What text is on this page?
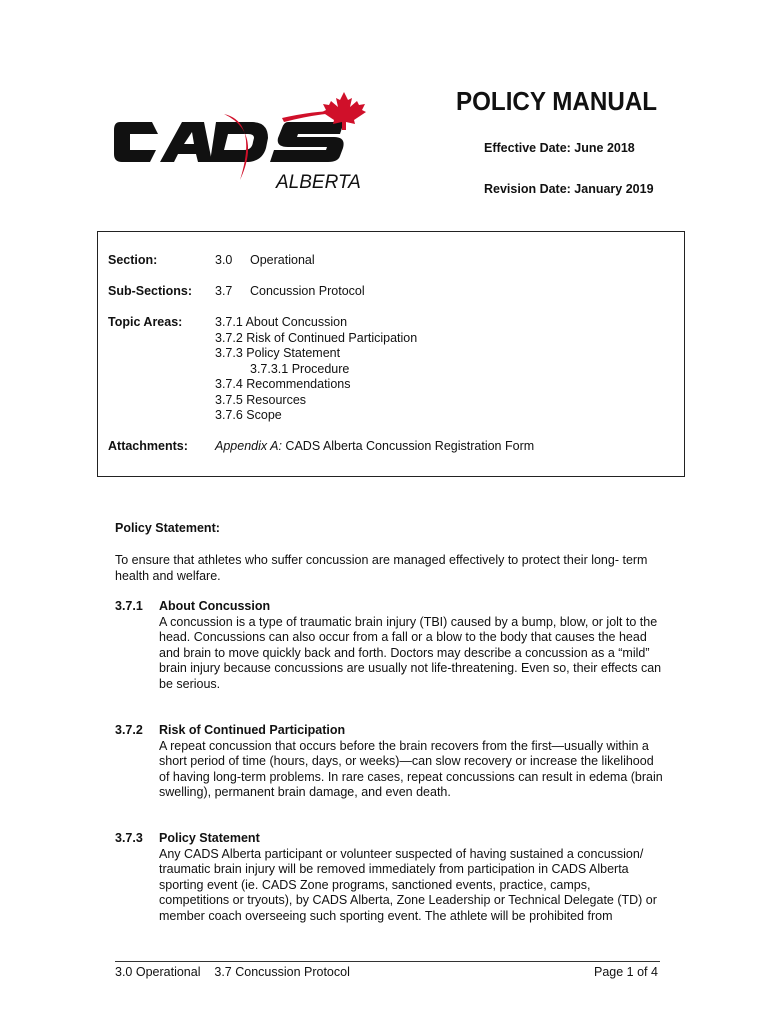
ALBERTA
POLICY MANUAL
Effective Date: June 2018
Revision Date: January 2019
Section:	3.0 Operational
Sub-Sections: 3.7 Concussion Protocol
Topic Areas:	3.7.1 About Concussion
3.7.2 Risk of Continued Participation
3.7.3 Policy Statement
3.7.3.1 Procedure
3.7.4 Recommendations
3.7.5 Resources
3.7.6 Scope
Attachments: Appendix A: CADS Alberta Concussion Registration Form
Policy Statement:
To ensure that athletes who suffer concussion are managed effectively to protect their long- term health and welfare.
3.7.1 About Concussion
A concussion is a type of traumatic brain injury (TBI) caused by a bump, blow, or jolt to the head. Concussions can also occur from a fall or a blow to the body that causes the head and brain to move quickly back and forth. Doctors may describe a concussion as a “mild” brain injury because concussions are usually not life-threatening. Even so, their effects can be serious.
3.7.2 Risk of Continued Participation
A repeat concussion that occurs before the brain recovers from the first—usually within a short period of time (hours, days, or weeks)—can slow recovery or increase the likelihood of having long-term problems. In rare cases, repeat concussions can result in edema (brain swelling), permanent brain damage, and even death.
3.7.3 Policy Statement
Any CADS Alberta participant or volunteer suspected of having sustained a concussion/ traumatic brain injury will be removed immediately from participation in CADS Alberta sporting event (ie. CADS Zone programs, sanctioned events, practice, camps, competitions or tryouts), by CADS Alberta, Zone Leadership or Technical Delegate (TD) or member coach overseeing such sporting event. The athlete will be prohibited from
3.0 Operational    3.7 Concussion Protocol	Page 1 of 4
